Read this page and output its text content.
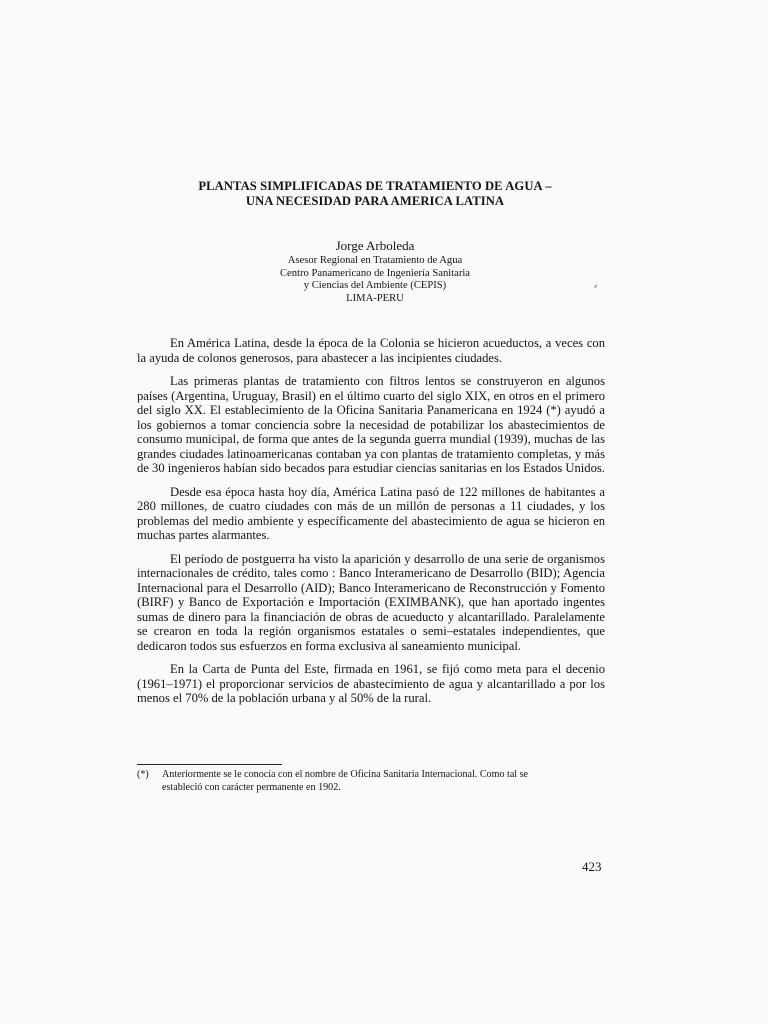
PLANTAS SIMPLIFICADAS DE TRATAMIENTO DE AGUA –
UNA NECESIDAD PARA AMERICA LATINA
Jorge Arboleda
Asesor Regional en Tratamiento de Agua
Centro Panamericano de Ingeniería Sanitaria
y Ciencias del Ambiente (CEPIS)
LIMA-PERU
⸗

En América Latina, desde la época de la Colonia se hicieron acueductos, a veces con la ayuda de colonos generosos, para abastecer a las incipientes ciudades.

Las primeras plantas de tratamiento con filtros lentos se construyeron en algunos países (Argentina, Uruguay, Brasil) en el último cuarto del siglo XIX, en otros en el primero del siglo XX. El establecimiento de la Oficina Sanitaria Panamericana en 1924 (*) ayudó a los gobiernos a tomar conciencia sobre la necesidad de potabilizar los abastecimientos de consumo municipal, de forma que antes de la segunda guerra mundial (1939), muchas de las grandes ciudades latinoamericanas contaban ya con plantas de tratamiento completas, y más de 30 ingenieros habían sido becados para estudiar ciencias sanitarias en los Estados Unidos.

Desde esa época hasta hoy día, América Latina pasó de 122 millones de habitantes a 280 millones, de cuatro ciudades con más de un millón de personas a 11 ciudades, y los problemas del medio ambiente y específicamente del abastecimiento de agua se hicieron en muchas partes alarmantes.

El período de postguerra ha visto la aparición y desarrollo de una serie de organismos internacionales de crédito, tales como : Banco Interamericano de Desarrollo (BID); Agencia Internacional para el Desarrollo (AID); Banco Interamericano de Reconstrucción y Fomento (BIRF) y Banco de Exportación e Importación (EXIMBANK), que han aportado ingentes sumas de dinero para la financiación de obras de acueducto y alcantarillado. Paralelamente se crearon en toda la región organismos estatales o semi–estatales independientes, que dedicaron todos sus esfuerzos en forma exclusiva al saneamiento municipal.

En la Carta de Punta del Este, firmada en 1961, se fijó como meta para el decenio (1961–1971) el proporcionar servicios de abastecimiento de agua y alcantarillado a por los menos el 70% de la población urbana y al 50% de la rural.

(*) Anteriormente se le conocía con el nombre de Oficina Sanitaria Internacional. Como tal se
estableció con carácter permanente en 1902.
423
